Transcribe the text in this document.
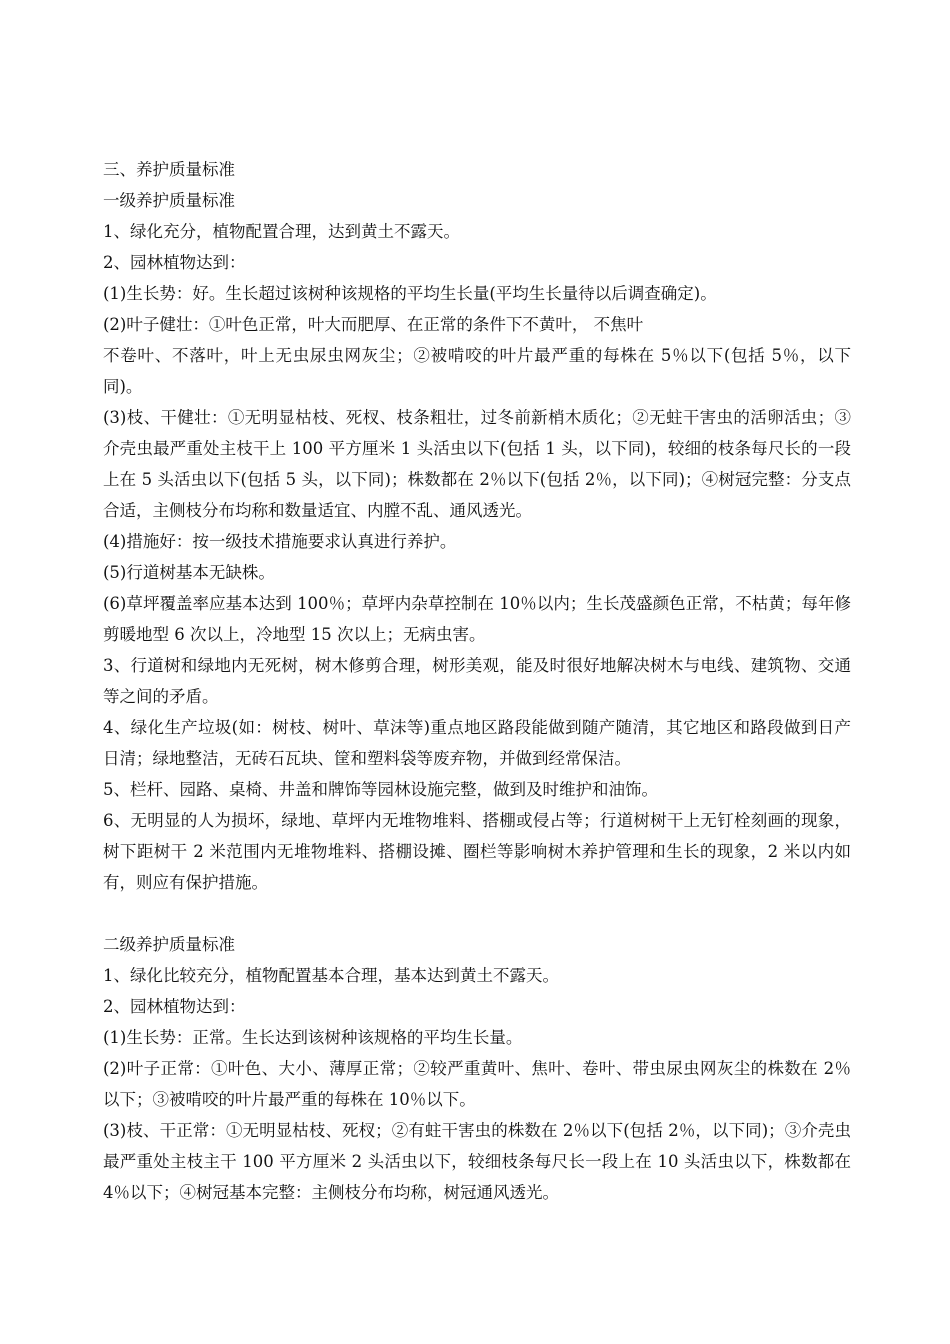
三、养护质量标准

一级养护质量标准

1、绿化充分，植物配置合理，达到黄土不露天。

2、园林植物达到：

(1)生长势：好。生长超过该树种该规格的平均生长量(平均生长量待以后调查确定)。

(2)叶子健壮：①叶色正常，叶大而肥厚、在正常的条件下不黄叶， 不焦叶

不卷叶、不落叶，叶上无虫尿虫网灰尘；②被啃咬的叶片最严重的每株在 5％以下(包括 5％，以下同)。

(3)枝、干健壮：①无明显枯枝、死杈、枝条粗壮，过冬前新梢木质化；②无蛀干害虫的活卵活虫；③介壳虫最严重处主枝干上 100 平方厘米 1 头活虫以下(包括 1 头，以下同)，较细的枝条每尺长的一段上在 5 头活虫以下(包括 5 头，以下同)；株数都在 2％以下(包括 2％，以下同)；④树冠完整：分支点合适，主侧枝分布均称和数量适宜、内膛不乱、通风透光。

(4)措施好：按一级技术措施要求认真进行养护。

(5)行道树基本无缺株。

(6)草坪覆盖率应基本达到 100％；草坪内杂草控制在 10％以内；生长茂盛颜色正常，不枯黄；每年修剪暖地型 6 次以上，冷地型 15 次以上；无病虫害。

3、行道树和绿地内无死树，树木修剪合理，树形美观，能及时很好地解决树木与电线、建筑物、交通等之间的矛盾。

4、绿化生产垃圾(如：树枝、树叶、草沫等)重点地区路段能做到随产随清，其它地区和路段做到日产日清；绿地整洁，无砖石瓦块、筐和塑料袋等废弃物，并做到经常保洁。

5、栏杆、园路、桌椅、井盖和牌饰等园林设施完整，做到及时维护和油饰。

6、无明显的人为损坏，绿地、草坪内无堆物堆料、搭棚或侵占等；行道树树干上无钉栓刻画的现象，树下距树干 2 米范围内无堆物堆料、搭棚设摊、圈栏等影响树木养护管理和生长的现象，2 米以内如有，则应有保护措施。

二级养护质量标准

1、绿化比较充分，植物配置基本合理，基本达到黄土不露天。

2、园林植物达到：

(1)生长势：正常。生长达到该树种该规格的平均生长量。

(2)叶子正常：①叶色、大小、薄厚正常；②较严重黄叶、焦叶、卷叶、带虫尿虫网灰尘的株数在 2％以下；③被啃咬的叶片最严重的每株在 10％以下。

(3)枝、干正常：①无明显枯枝、死杈；②有蛀干害虫的株数在 2％以下(包括 2％，以下同)；③介壳虫最严重处主枝主干 100 平方厘米 2 头活虫以下，较细枝条每尺长一段上在 10 头活虫以下，株数都在 4％以下；④树冠基本完整：主侧枝分布均称，树冠通风透光。
